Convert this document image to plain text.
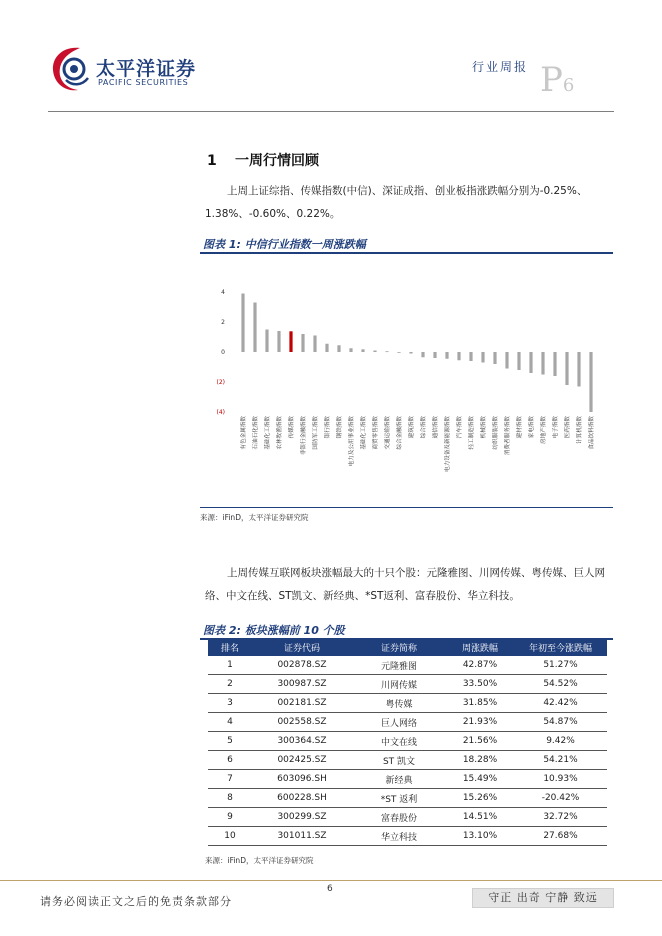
太平洋证券
PACIFIC SECURITIES
行业周报 P6
1 一周行情回顾
上周上证综指、传媒指数(中信)、深证成指、创业板指涨跌幅分别为-0.25%、1.38%、-0.60%、0.22%。
图表 1: 中信行业指数一周涨跌幅
4
2
0
(2)
(4)
有色金属指数	石油石化指数	基础化工指数	农林牧渔指数	传媒指数	非银行金融指数	国防军工指数	银行指数	钢铁指数	电力及公用事业指数	基础化工指数	商贸零售指数	交通运输指数	综合金融指数	建筑指数	综合指数	通信指数	电力设备及新能源指数	汽车指数	轻工制造指数	机械指数	纺织服装指数	消费者服务指数	建材指数	家电指数	房地产指数	电子指数	医药指数	计算机指数	食品饮料指数
来源：iFinD，太平洋证券研究院
上周传媒互联网板块涨幅最大的十只个股：元隆雅图、川网传媒、粤传媒、巨人网络、中文在线、ST凯文、新经典、*ST返利、富春股份、华立科技。
图表 2: 板块涨幅前 10 个股
排名	证券代码	证券简称	周涨跌幅	年初至今涨跌幅
1	002878.SZ	元隆雅图	42.87%	51.27%
2	300987.SZ	川网传媒	33.50%	54.52%
3	002181.SZ	粤传媒	31.85%	42.42%
4	002558.SZ	巨人网络	21.93%	54.87%
5	300364.SZ	中文在线	21.56%	9.42%
6	002425.SZ	ST 凯文	18.28%	54.21%
7	603096.SH	新经典	15.49%	10.93%
8	600228.SH	*ST 返利	15.26%	-20.42%
9	300299.SZ	富春股份	14.51%	32.72%
10	301011.SZ	华立科技	13.10%	27.68%
来源：iFinD，太平洋证券研究院
6
请务必阅读正文之后的免责条款部分	守正 出奇 宁静 致远
